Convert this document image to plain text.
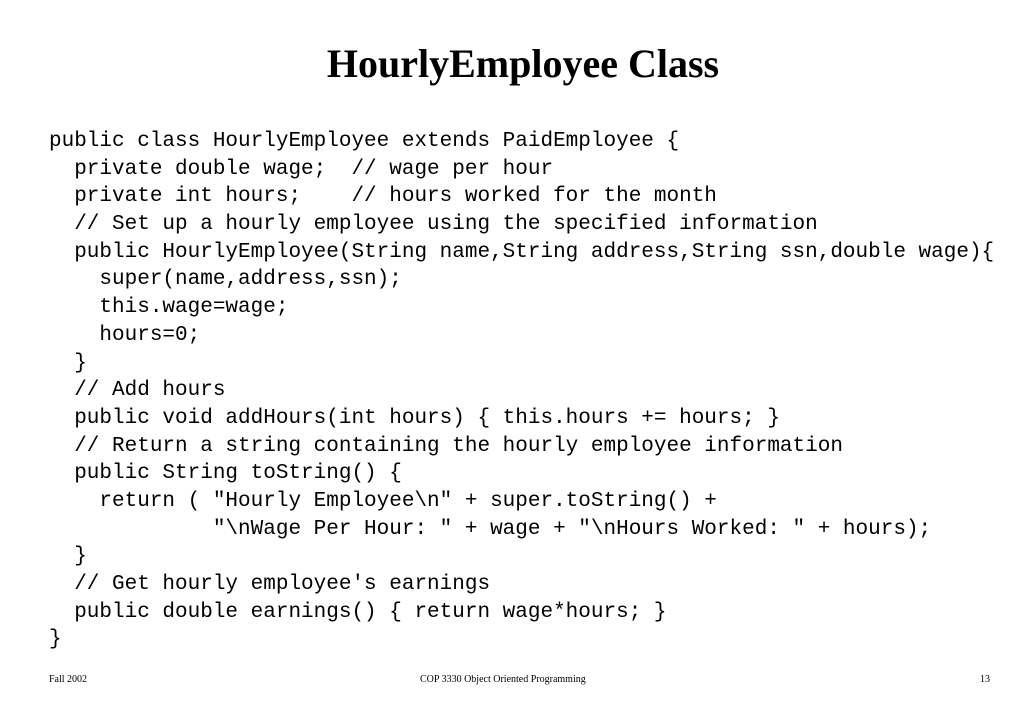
HourlyEmployee Class
public class HourlyEmployee extends PaidEmployee {
private double wage;  // wage per hour
private int hours;    // hours worked for the month
// Set up a hourly employee using the specified information
public HourlyEmployee(String name,String address,String ssn,double wage){
super(name,address,ssn);
this.wage=wage;
hours=0;
}
// Add hours
public void addHours(int hours) { this.hours += hours; }
// Return a string containing the hourly employee information
public String toString() {
return ( "Hourly Employee\n" + super.toString() +
"\nWage Per Hour: " + wage + "\nHours Worked: " + hours);
}
// Get hourly employee's earnings
public double earnings() { return wage*hours; }
}
Fall 2002	COP 3330 Object Oriented Programming	13
